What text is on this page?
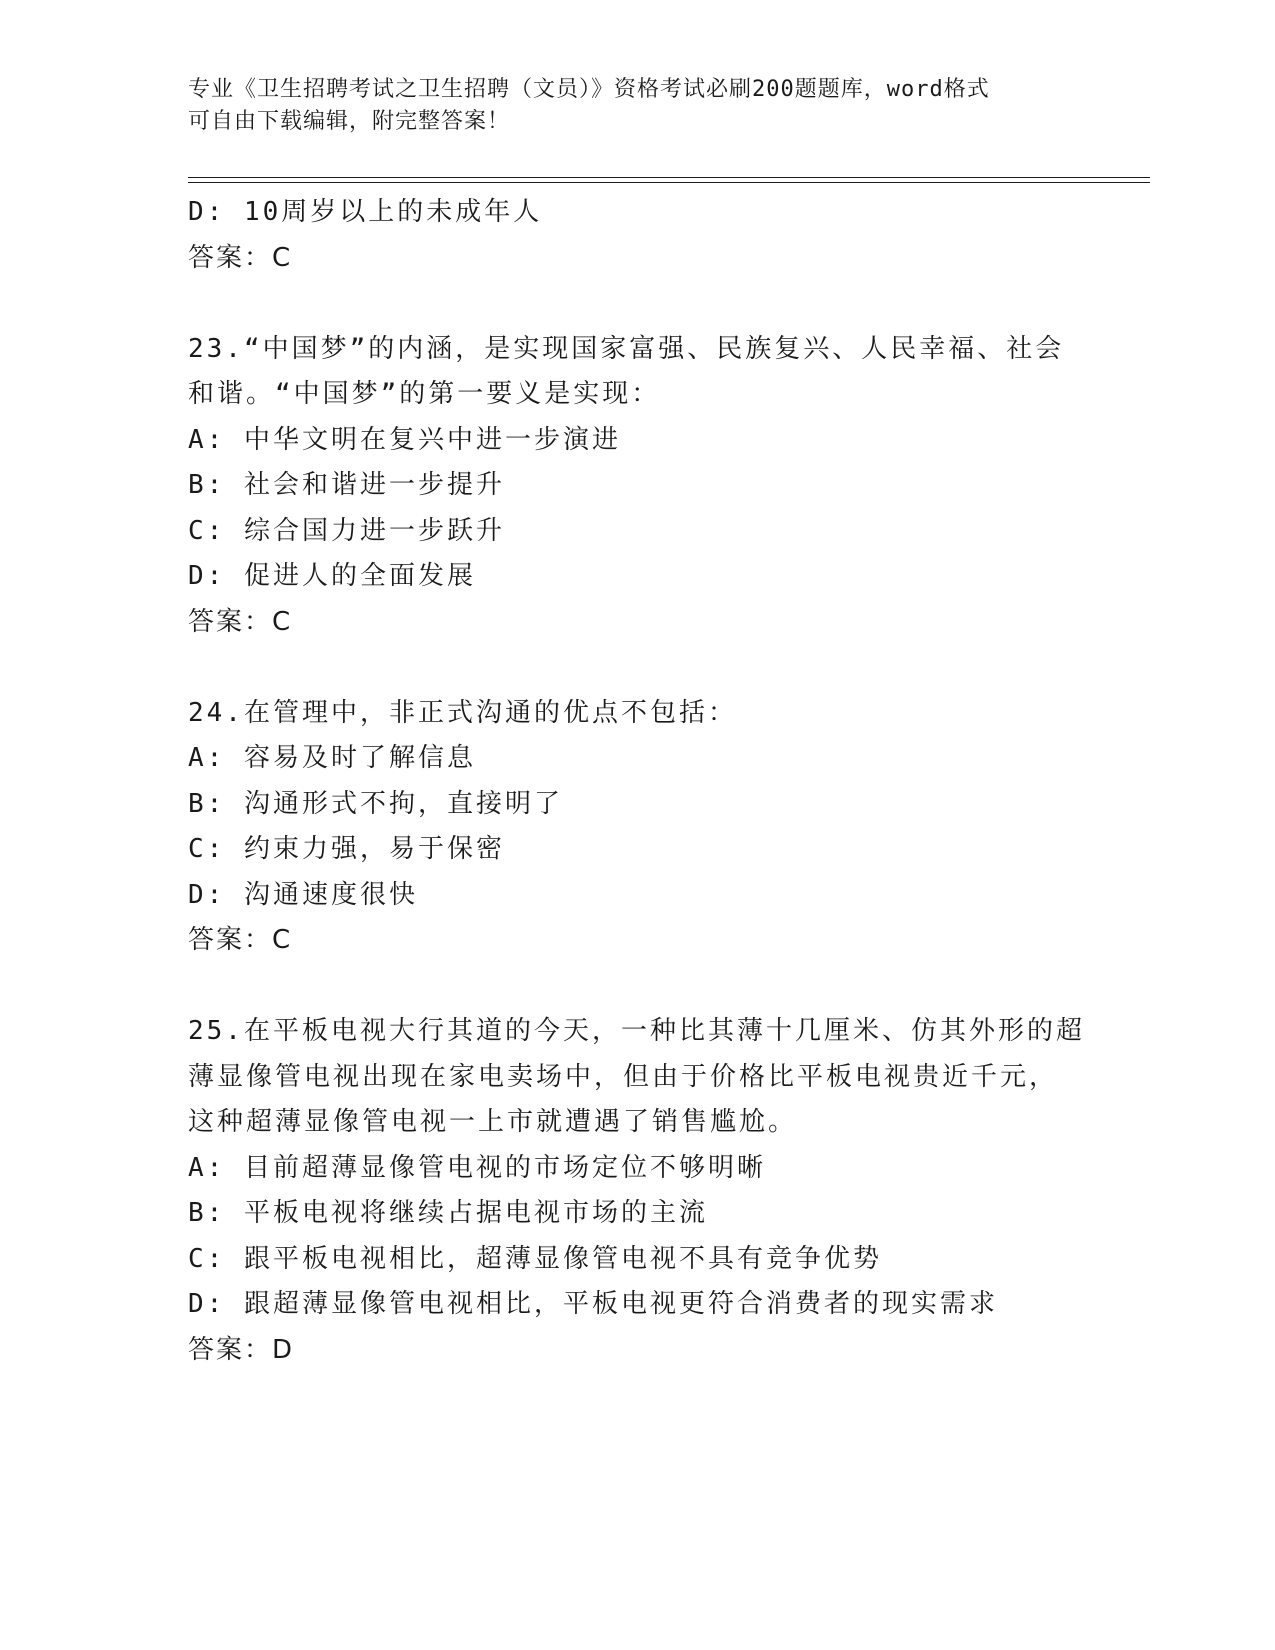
专业《卫生招聘考试之卫生招聘（文员）》资格考试必刷200题题库，word格式
可自由下载编辑，附完整答案！
D: 10周岁以上的未成年人
答案：C
23.“中国梦”的内涵，是实现国家富强、民族复兴、人民幸福、社会
和谐。“中国梦”的第一要义是实现：
A: 中华文明在复兴中进一步演进
B: 社会和谐进一步提升
C: 综合国力进一步跃升
D: 促进人的全面发展
答案：C
24.在管理中，非正式沟通的优点不包括：
A: 容易及时了解信息
B: 沟通形式不拘，直接明了
C: 约束力强，易于保密
D: 沟通速度很快
答案：C
25.在平板电视大行其道的今天，一种比其薄十几厘米、仿其外形的超
薄显像管电视出现在家电卖场中，但由于价格比平板电视贵近千元，
这种超薄显像管电视一上市就遭遇了销售尴尬。
A: 目前超薄显像管电视的市场定位不够明晰
B: 平板电视将继续占据电视市场的主流
C: 跟平板电视相比，超薄显像管电视不具有竞争优势
D: 跟超薄显像管电视相比，平板电视更符合消费者的现实需求
答案：D
